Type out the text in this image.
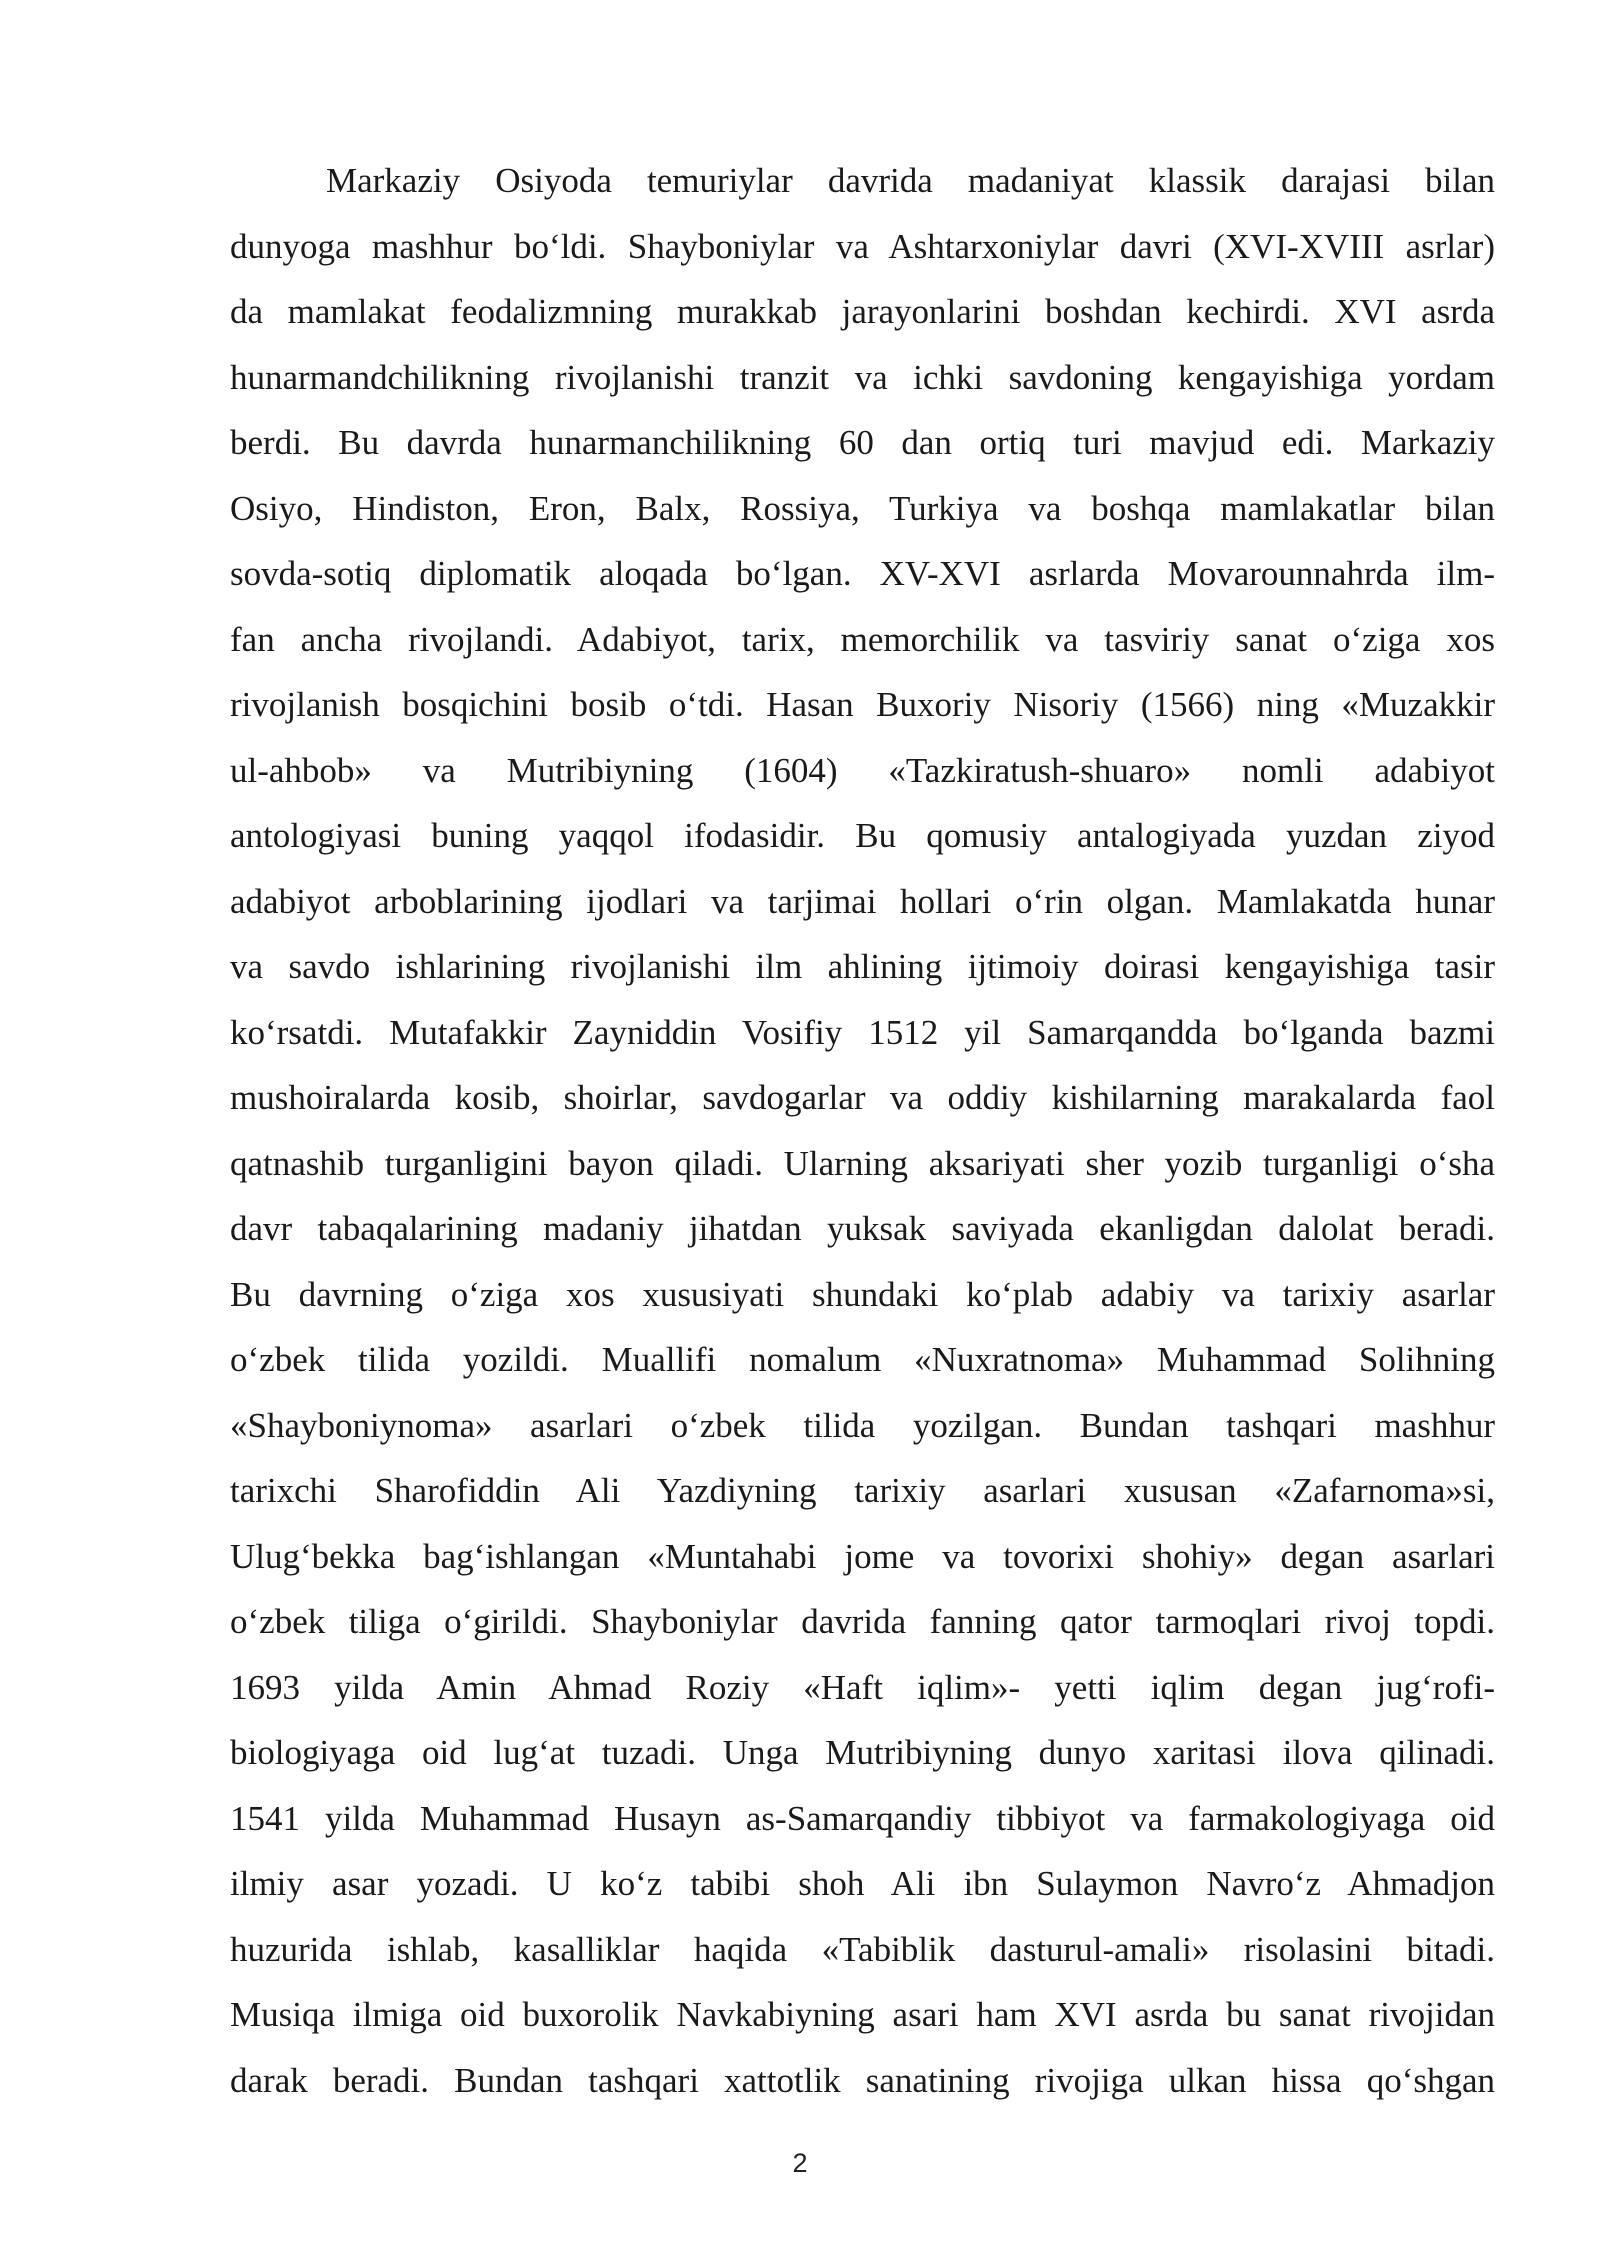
Markaziy Osiyoda temuriylar davrida madaniyat klassik darajasi bilan
dunyoga mashhur bo‘ldi. Shayboniylar va Ashtarxoniylar davri (XVI-XVIII asrlar)
da mamlakat feodalizmning murakkab jarayonlarini boshdan kechirdi. XVI asrda
hunarmandchilikning rivojlanishi tranzit va ichki savdoning kengayishiga yordam
berdi. Bu davrda hunarmanchilikning 60 dan ortiq turi mavjud edi. Markaziy
Osiyo, Hindiston, Eron, Balx, Rossiya, Turkiya va boshqa mamlakatlar bilan
sovda-sotiq diplomatik aloqada bo‘lgan. XV-XVI asrlarda Movarounnahrda ilm-
fan ancha rivojlandi. Adabiyot, tarix, memorchilik va tasviriy sanat o‘ziga xos
rivojlanish bosqichini bosib o‘tdi. Hasan Buxoriy Nisoriy (1566) ning «Muzakkir
ul-ahbob» va Mutribiyning (1604) «Tazkiratush-shuaro» nomli adabiyot
antologiyasi buning yaqqol ifodasidir. Bu qomusiy antalogiyada yuzdan ziyod
adabiyot arboblarining ijodlari va tarjimai hollari o‘rin olgan. Mamlakatda hunar
va savdo ishlarining rivojlanishi ilm ahlining ijtimoiy doirasi kengayishiga tasir
ko‘rsatdi. Mutafakkir Zayniddin Vosifiy 1512 yil Samarqandda bo‘lganda bazmi
mushoiralarda kosib, shoirlar, savdogarlar va oddiy kishilarning marakalarda faol
qatnashib turganligini bayon qiladi. Ularning aksariyati sher yozib turganligi o‘sha
davr tabaqalarining madaniy jihatdan yuksak saviyada ekanligdan dalolat beradi.
Bu davrning o‘ziga xos xususiyati shundaki ko‘plab adabiy va tarixiy asarlar
o‘zbek tilida yozildi. Muallifi nomalum «Nuxratnoma» Muhammad Solihning
«Shayboniynoma» asarlari o‘zbek tilida yozilgan. Bundan tashqari mashhur
tarixchi Sharofiddin Ali Yazdiyning tarixiy asarlari xususan «Zafarnoma»si,
Ulug‘bekka bag‘ishlangan «Muntahabi jome va tovorixi shohiy» degan asarlari
o‘zbek tiliga o‘girildi. Shayboniylar davrida fanning qator tarmoqlari rivoj topdi.
1693 yilda Amin Ahmad Roziy «Haft iqlim»- yetti iqlim degan jug‘rofi-
biologiyaga oid lug‘at tuzadi. Unga Mutribiyning dunyo xaritasi ilova qilinadi.
1541 yilda Muhammad Husayn as-Samarqandiy tibbiyot va farmakologiyaga oid
ilmiy asar yozadi. U ko‘z tabibi shoh Ali ibn Sulaymon Navro‘z Ahmadjon
huzurida ishlab, kasalliklar haqida «Tabiblik dasturul-amali» risolasini bitadi.
Musiqa ilmiga oid buxorolik Navkabiyning asari ham XVI asrda bu sanat rivojidan
darak beradi. Bundan tashqari xattotlik sanatining rivojiga ulkan hissa qo‘shgan
2
